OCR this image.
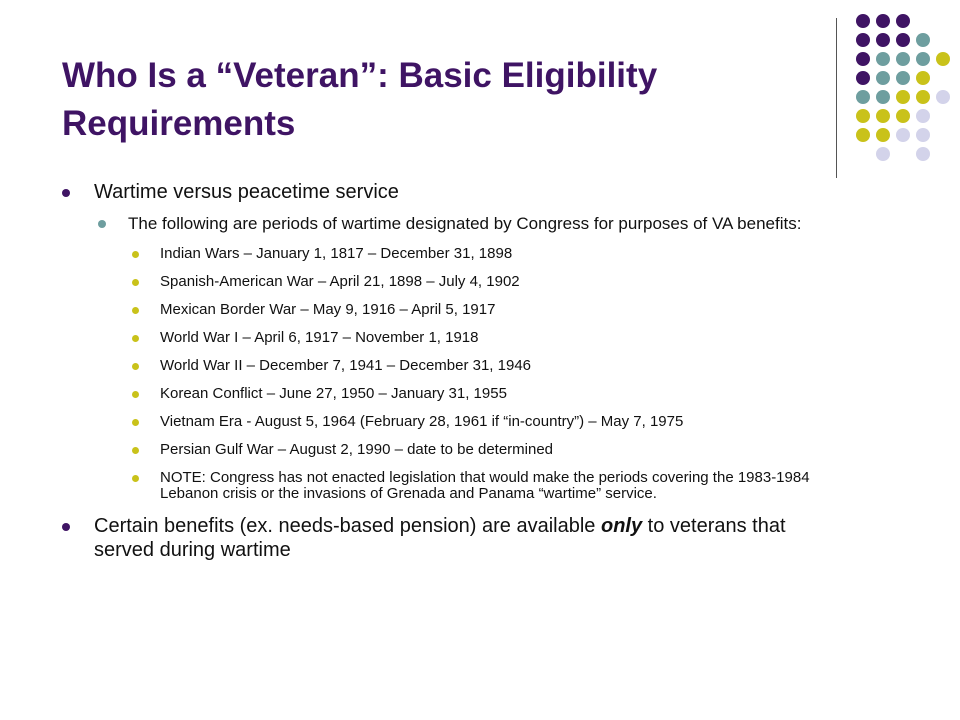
Who Is a “Veteran”: Basic Eligibility Requirements
Wartime versus peacetime service
The following are periods of wartime designated by Congress for purposes of VA benefits:
Indian Wars – January 1, 1817 – December 31, 1898
Spanish-American War – April 21, 1898 – July 4, 1902
Mexican Border War – May 9, 1916 – April 5, 1917
World War I – April 6, 1917 – November 1, 1918
World War II – December 7, 1941 – December 31, 1946
Korean Conflict – June 27, 1950 – January 31, 1955
Vietnam Era - August 5, 1964 (February 28, 1961 if “in-country”) – May 7, 1975
Persian Gulf War – August 2, 1990 – date to be determined
NOTE: Congress has not enacted legislation that would make the periods covering the 1983-1984 Lebanon crisis or the invasions of Grenada and Panama “wartime” service.
Certain benefits (ex. needs-based pension) are available only to veterans that served during wartime
